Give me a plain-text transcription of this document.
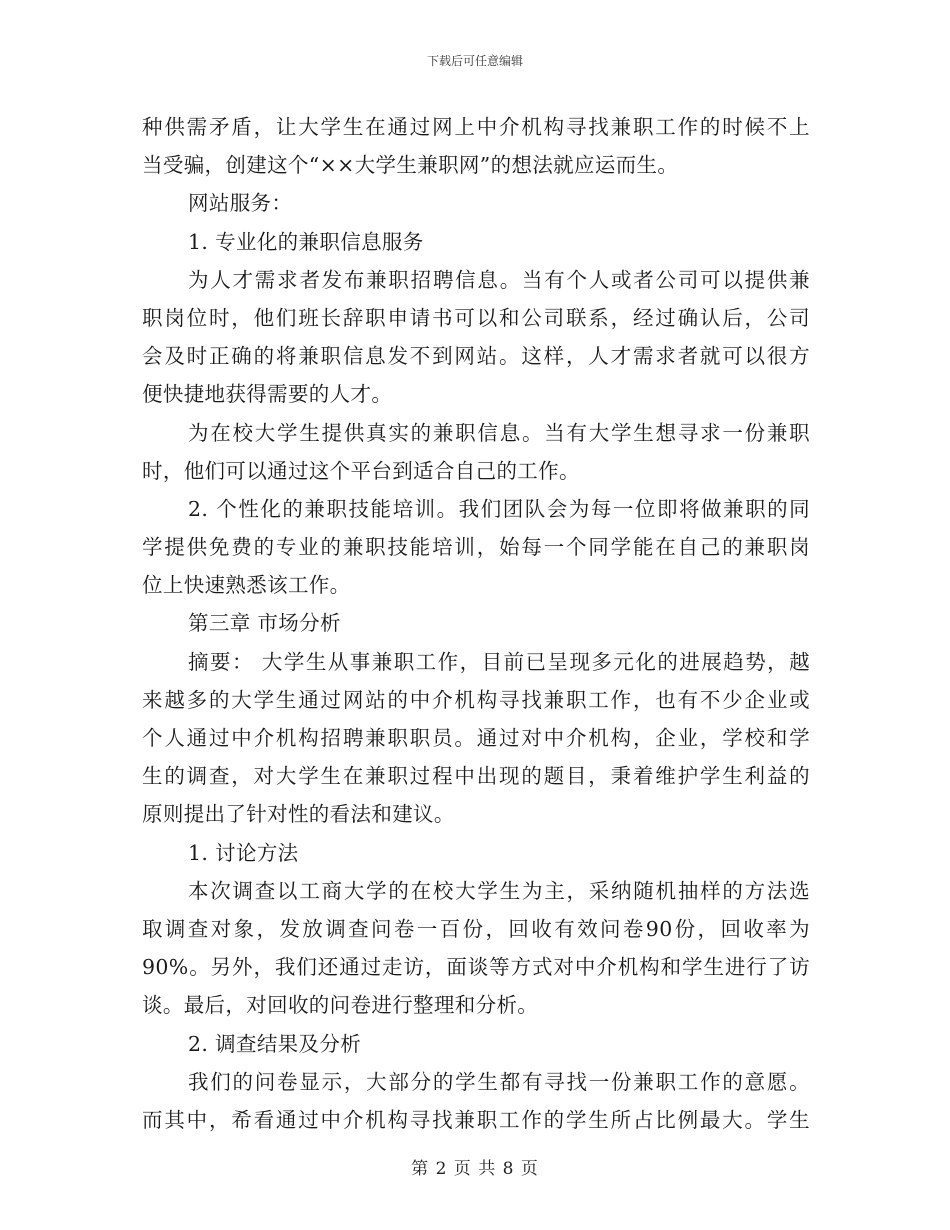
下载后可任意编辑
种供需矛盾，让大学生在通过网上中介机构寻找兼职工作的时候不上
当受骗，创建这个“××大学生兼职网”的想法就应运而生。
网站服务：
1. 专业化的兼职信息服务
为人才需求者发布兼职招聘信息。当有个人或者公司可以提供兼
职岗位时，他们班长辞职申请书可以和公司联系，经过确认后，公司
会及时正确的将兼职信息发不到网站。这样，人才需求者就可以很方
便快捷地获得需要的人才。
为在校大学生提供真实的兼职信息。当有大学生想寻求一份兼职
时，他们可以通过这个平台到适合自己的工作。
2. 个性化的兼职技能培训。我们团队会为每一位即将做兼职的同
学提供免费的专业的兼职技能培训，始每一个同学能在自己的兼职岗
位上快速熟悉该工作。
第三章 市场分析
摘要： 大学生从事兼职工作，目前已呈现多元化的进展趋势，越
来越多的大学生通过网站的中介机构寻找兼职工作，也有不少企业或
个人通过中介机构招聘兼职职员。通过对中介机构，企业，学校和学
生的调查，对大学生在兼职过程中出现的题目，秉着维护学生利益的
原则提出了针对性的看法和建议。
1. 讨论方法
本次调查以工商大学的在校大学生为主，采纳随机抽样的方法选
取调查对象，发放调查问卷一百份，回收有效问卷90份，回收率为
90%。另外，我们还通过走访，面谈等方式对中介机构和学生进行了访
谈。最后，对回收的问卷进行整理和分析。
2. 调查结果及分析
我们的问卷显示，大部分的学生都有寻找一份兼职工作的意愿。
而其中，希看通过中介机构寻找兼职工作的学生所占比例最大。学生
第 2 页 共 8 页
